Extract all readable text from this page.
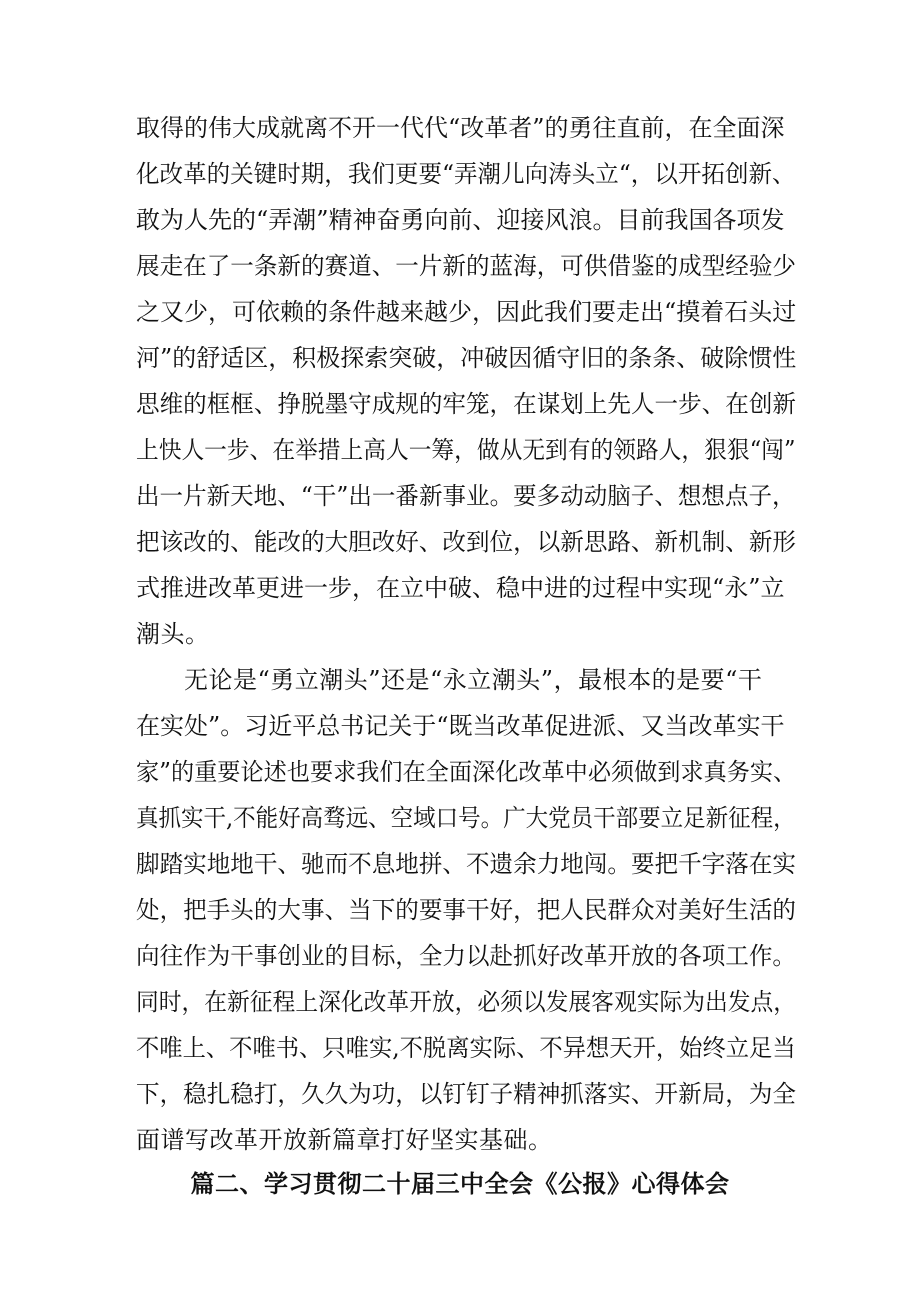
取得的伟大成就离不开一代代“改革者”的勇往直前，在全面深
化改革的关键时期，我们更要“弄潮儿向涛头立“，以开拓创新、
敢为人先的“弄潮”精神奋勇向前、迎接风浪。目前我国各项发
展走在了一条新的赛道、一片新的蓝海，可供借鉴的成型经验少
之又少，可依赖的条件越来越少，因此我们要走出“摸着石头过
河”的舒适区，积极探索突破，冲破因循守旧的条条、破除惯性
思维的框框、挣脱墨守成规的牢笼，在谋划上先人一步、在创新
上快人一步、在举措上高人一筹，做从无到有的领路人，狠狠“闯”
出一片新天地、“干”出一番新事业。要多动动脑子、想想点子，
把该改的、能改的大胆改好、改到位，以新思路、新机制、新形
式推进改革更进一步，在立中破、稳中进的过程中实现“永”立
潮头。
无论是“勇立潮头”还是“永立潮头”，最根本的是要“干
在实处”。习近平总书记关于“既当改革促进派、又当改革实干
家”的重要论述也要求我们在全面深化改革中必须做到求真务实、
真抓实干,不能好高骛远、空域口号。广大党员干部要立足新征程，
脚踏实地地干、驰而不息地拼、不遗余力地闯。要把千字落在实
处，把手头的大事、当下的要事干好，把人民群众对美好生活的
向往作为干事创业的目标，全力以赴抓好改革开放的各项工作。
同时，在新征程上深化改革开放，必须以发展客观实际为出发点，
不唯上、不唯书、只唯实,不脱离实际、不异想天开，始终立足当
下，稳扎稳打，久久为功，以钉钉子精神抓落实、开新局，为全
面谱写改革开放新篇章打好坚实基础。
篇二、学习贯彻二十届三中全会《公报》心得体会
